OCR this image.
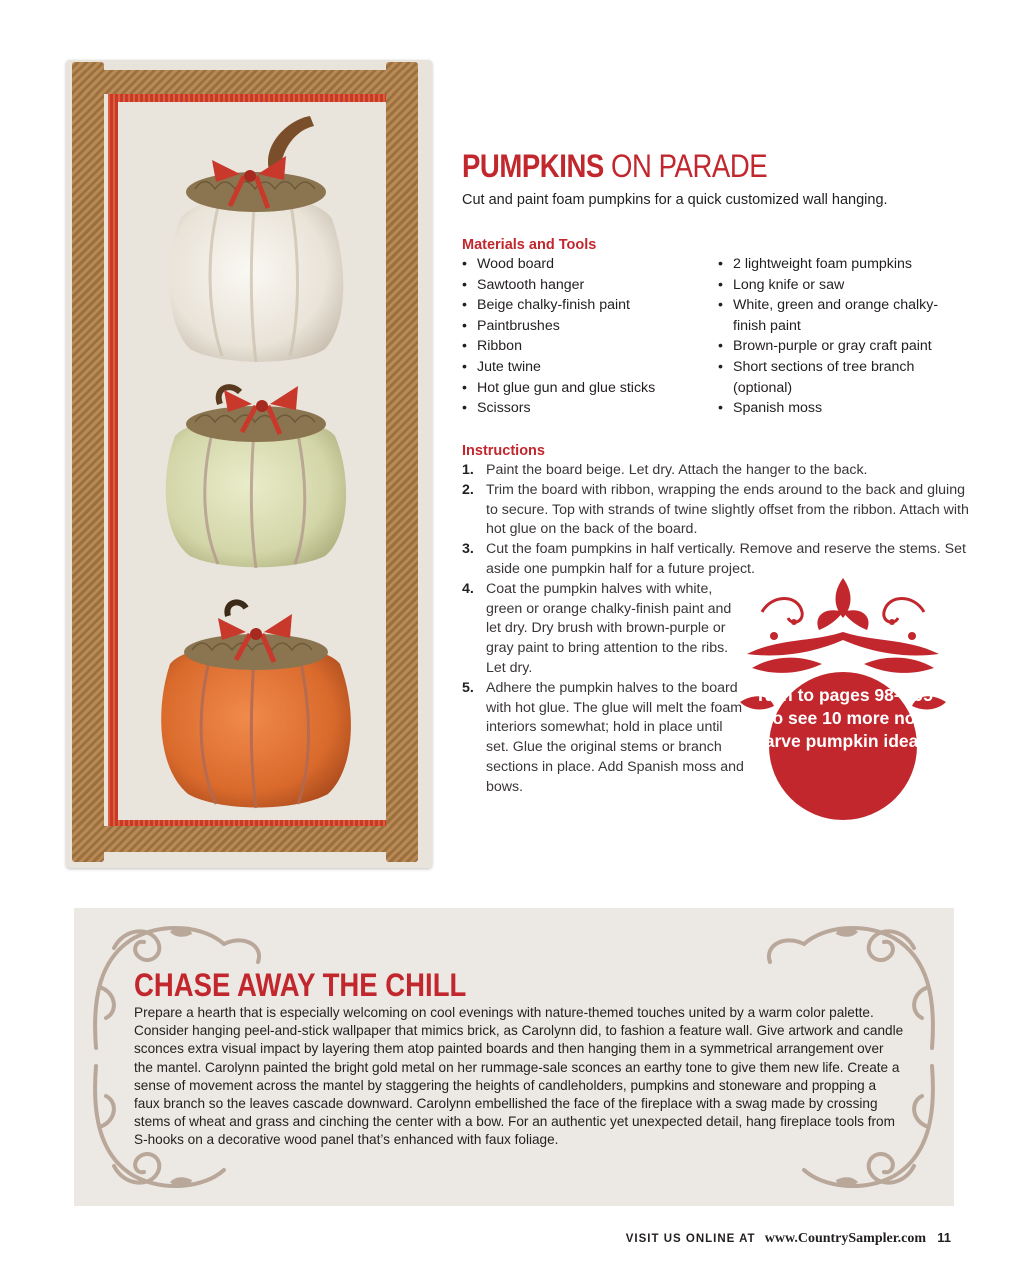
PUMPKINS ON PARADE
Cut and paint foam pumpkins for a quick customized wall hanging.
Materials and Tools
• Wood board
• Sawtooth hanger
• Beige chalky-finish paint
• Paintbrushes
• Ribbon
• Jute twine
• Hot glue gun and glue sticks
• Scissors
• 2 lightweight foam pumpkins
• Long knife or saw
• White, green and orange chalky-finish paint
• Brown-purple or gray craft paint
• Short sections of tree branch (optional)
• Spanish moss
Instructions
1. Paint the board beige. Let dry. Attach the hanger to the back.
2. Trim the board with ribbon, wrapping the ends around to the back and gluing to secure. Top with strands of twine slightly offset from the ribbon. Attach with hot glue on the back of the board.
3. Cut the foam pumpkins in half vertically. Remove and reserve the stems. Set aside one pumpkin half for a future project.
4. Coat the pumpkin halves with white, green or orange chalky-finish paint and let dry. Dry brush with brown-purple or gray paint to bring attention to the ribs. Let dry.
5. Adhere the pumpkin halves to the board with hot glue. The glue will melt the foam interiors somewhat; hold in place until set. Glue the original stems or branch sections in place. Add Spanish moss and bows.
Turn to pages 98–105 to see 10 more no-carve pumpkin ideas.
CHASE AWAY THE CHILL

Prepare a hearth that is especially welcoming on cool evenings with nature-themed touches united by a warm color palette. Consider hanging peel-and-stick wallpaper that mimics brick, as Carolynn did, to fashion a feature wall. Give artwork and candle sconces extra visual impact by layering them atop painted boards and then hanging them in a symmetrical arrangement over the mantel. Carolynn painted the bright gold metal on her rummage-sale sconces an earthy tone to give them new life. Create a sense of movement across the mantel by staggering the heights of candleholders, pumpkins and stoneware and propping a faux branch so the leaves cascade downward. Carolynn embellished the face of the fireplace with a swag made by crossing stems of wheat and grass and cinching the center with a bow. For an authentic yet unexpected detail, hang fireplace tools from S-hooks on a decorative wood panel that’s enhanced with faux foliage.

VISIT US ONLINE AT www.CountrySampler.com 11
